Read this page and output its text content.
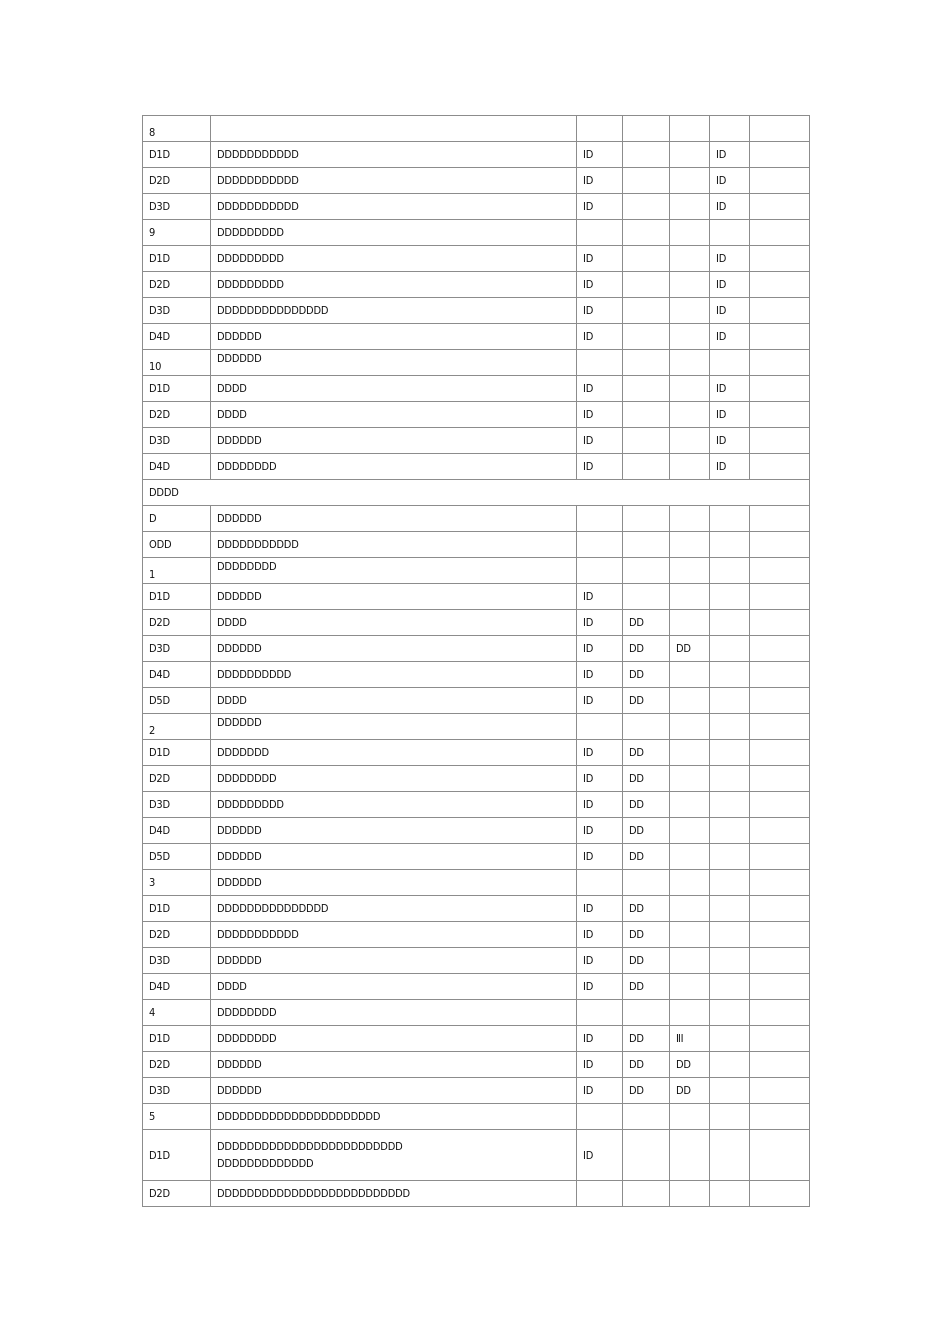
8						
D1D	DDDDDDDDDDD	ID			ID	
D2D	DDDDDDDDDDD	ID			ID	
D3D	DDDDDDDDDDD	ID			ID	
9	DDDDDDDDD					
D1D	DDDDDDDDD	ID			ID	
D2D	DDDDDDDDD	ID			ID	
D3D	DDDDDDDDDDDDDDD	ID			ID	
D4D	DDDDDD	ID			ID	
10	DDDDDD					
D1D	DDDD	ID			ID	
D2D	DDDD	ID			ID	
D3D	DDDDDD	ID			ID	
D4D	DDDDDDDD	ID			ID	
DDDD						
D	DDDDDD					
ODD	DDDDDDDDDDD					
1	DDDDDDDD					
D1D	DDDDDD	ID				
D2D	DDDD	ID	DD			
D3D	DDDDDD	ID	DD	DD		
D4D	DDDDDDDDDD	ID	DD			
D5D	DDDD	ID	DD			
2	DDDDDD					
D1D	DDDDDDD	ID	DD			
D2D	DDDDDDDD	ID	DD			
D3D	DDDDDDDDD	ID	DD			
D4D	DDDDDD	ID	DD			
D5D	DDDDDD	ID	DD			
3	DDDDDD					
D1D	DDDDDDDDDDDDDDD	ID	DD			
D2D	DDDDDDDDDDD	ID	DD			
D3D	DDDDDD	ID	DD			
D4D	DDDD	ID	DD			
4	DDDDDDDD					
D1D	DDDDDDDD	ID	DD	ⅡⅠ		
D2D	DDDDDD	ID	DD	DD		
D3D	DDDDDD	ID	DD	DD		
5	DDDDDDDDDDDDDDDDDDDDDD					
D1D	DDDDDDDDDDDDDDDDDDDDDDDDD
DDDDDDDDDDDDD	ID				
D2D	DDDDDDDDDDDDDDDDDDDDDDDDDD					
